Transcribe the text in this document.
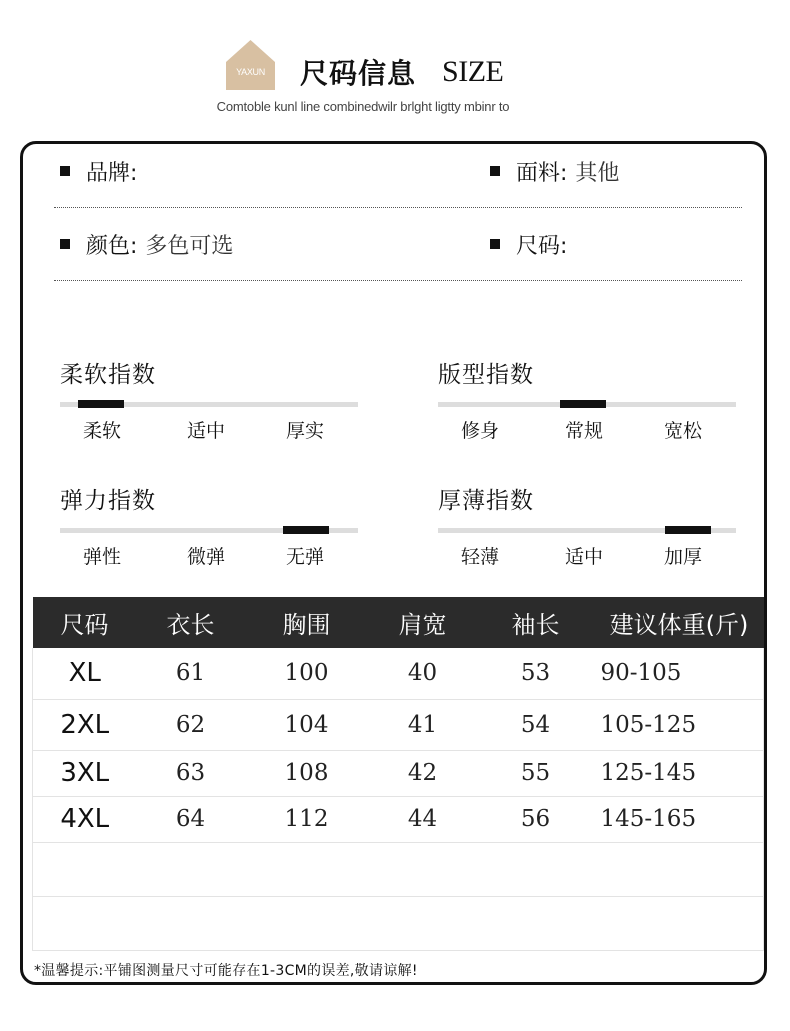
YAXUN	尺码信息 SIZE
Comtoble kunl line combinedwilr brlght ligtty mbinr to
品牌:	面料: 其他
颜色: 多色可选	尺码:
柔软指数
柔软	适中	厚实
版型指数
修身	常规	宽松
弹力指数
弹性	微弹	无弹
厚薄指数
轻薄	适中	加厚
尺码	衣长	胸围	肩宽	袖长	建议体重(斤)
XL	61	100	40	53	90-105
2XL	62	104	41	54	105-125
3XL	63	108	42	55	125-145
4XL	64	112	44	56	145-165

*温馨提示:平铺图测量尺寸可能存在1-3CM的误差,敬请谅解!
